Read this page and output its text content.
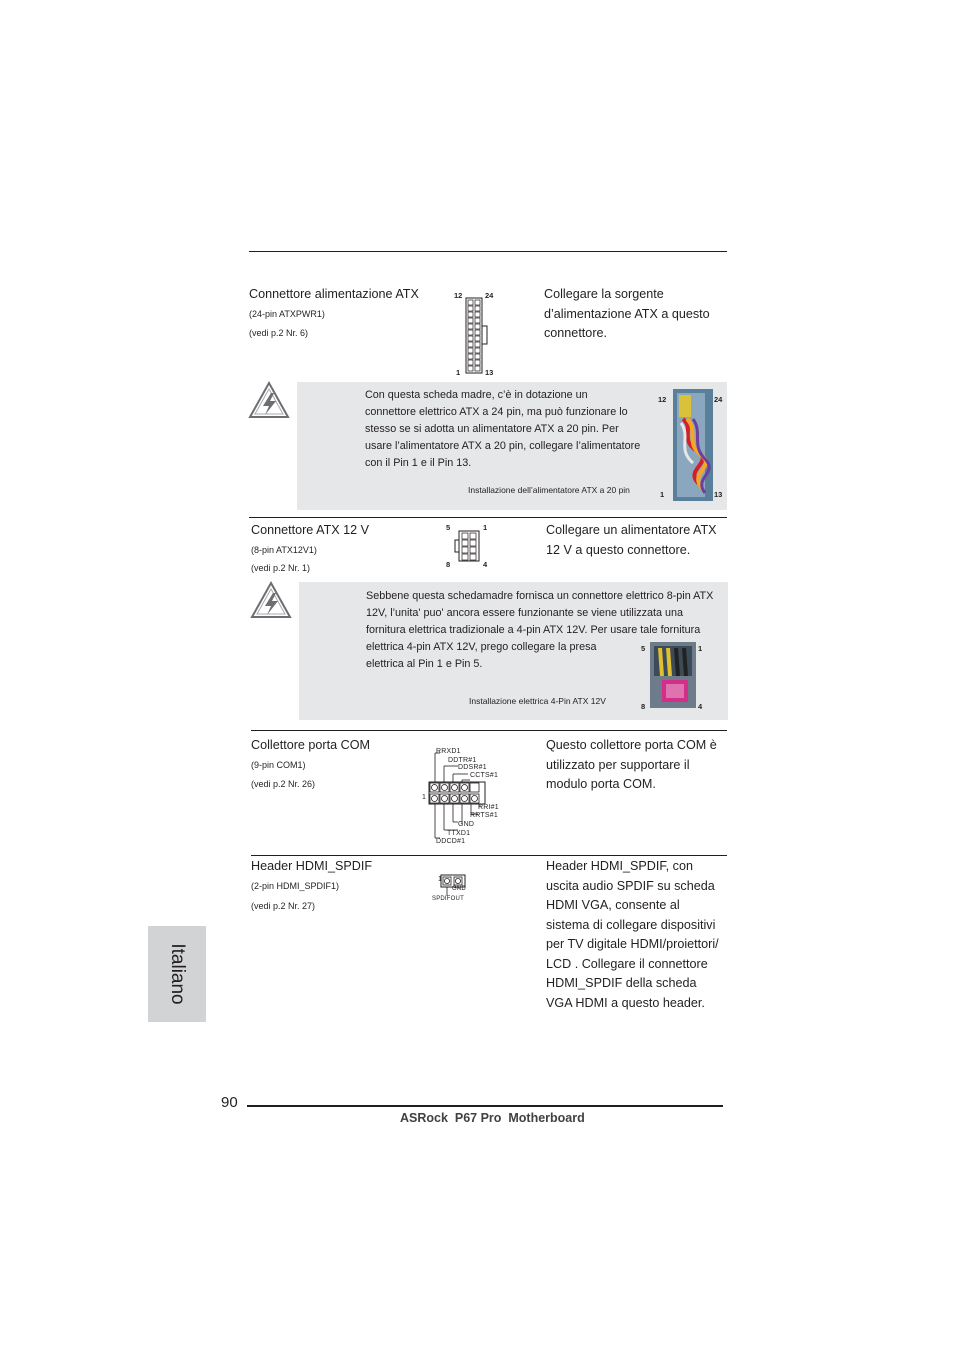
Connettore alimentazione ATX
(24-pin ATXPWR1)
(vedi p.2 Nr. 6)
12	24
1	13
Collegare la sorgente
d’alimentazione ATX a questo
connettore.
Con questa scheda madre, c’è in dotazione un
connettore elettrico ATX a 24 pin, ma può funzionare lo
stesso se si adotta un alimentatore ATX a 20 pin. Per
usare l’alimentatore ATX a 20 pin, collegare l’alimentatore
con il Pin 1 e il Pin 13.
Installazione dell’alimentatore ATX a 20 pin
12	24
1	13
Connettore ATX 12 V
(8-pin ATX12V1)
(vedi p.2 Nr. 1)
5	1
8	4
Collegare un alimentatore ATX
12 V a questo connettore.
Sebbene questa schedamadre fornisca un connettore elettrico 8-pin ATX
12V, l’unita' puo' ancora essere funzionante se viene utilizzata una
fornitura elettrica tradizionale a 4-pin ATX 12V. Per usare tale fornitura
elettrica 4-pin ATX 12V, prego collegare la presa
elettrica al Pin 1 e Pin 5.
Installazione elettrica 4-Pin ATX 12V
5	1
8	4
Collettore porta COM
(9-pin COM1)
(vedi p.2 Nr. 26)
RRXD1
DDTR#1
DDSR#1
CCTS#1
1
RRI#1
RRTS#1
GND
TTXD1
DDCD#1
Questo collettore porta COM è
utilizzato per supportare il
modulo porta COM.
Header HDMI_SPDIF
(2-pin HDMI_SPDIF1)
(vedi p.2 Nr. 27)
1
GND
SPDIFOUT
Header HDMI_SPDIF, con
uscita audio SPDIF su scheda
HDMI VGA, consente al
sistema di collegare dispositivi
per TV digitale HDMI/proiettori/
LCD . Collegare il connettore
HDMI_SPDIF della scheda
VGA HDMI a questo header.
Italiano
90
ASRock  P67 Pro  Motherboard
